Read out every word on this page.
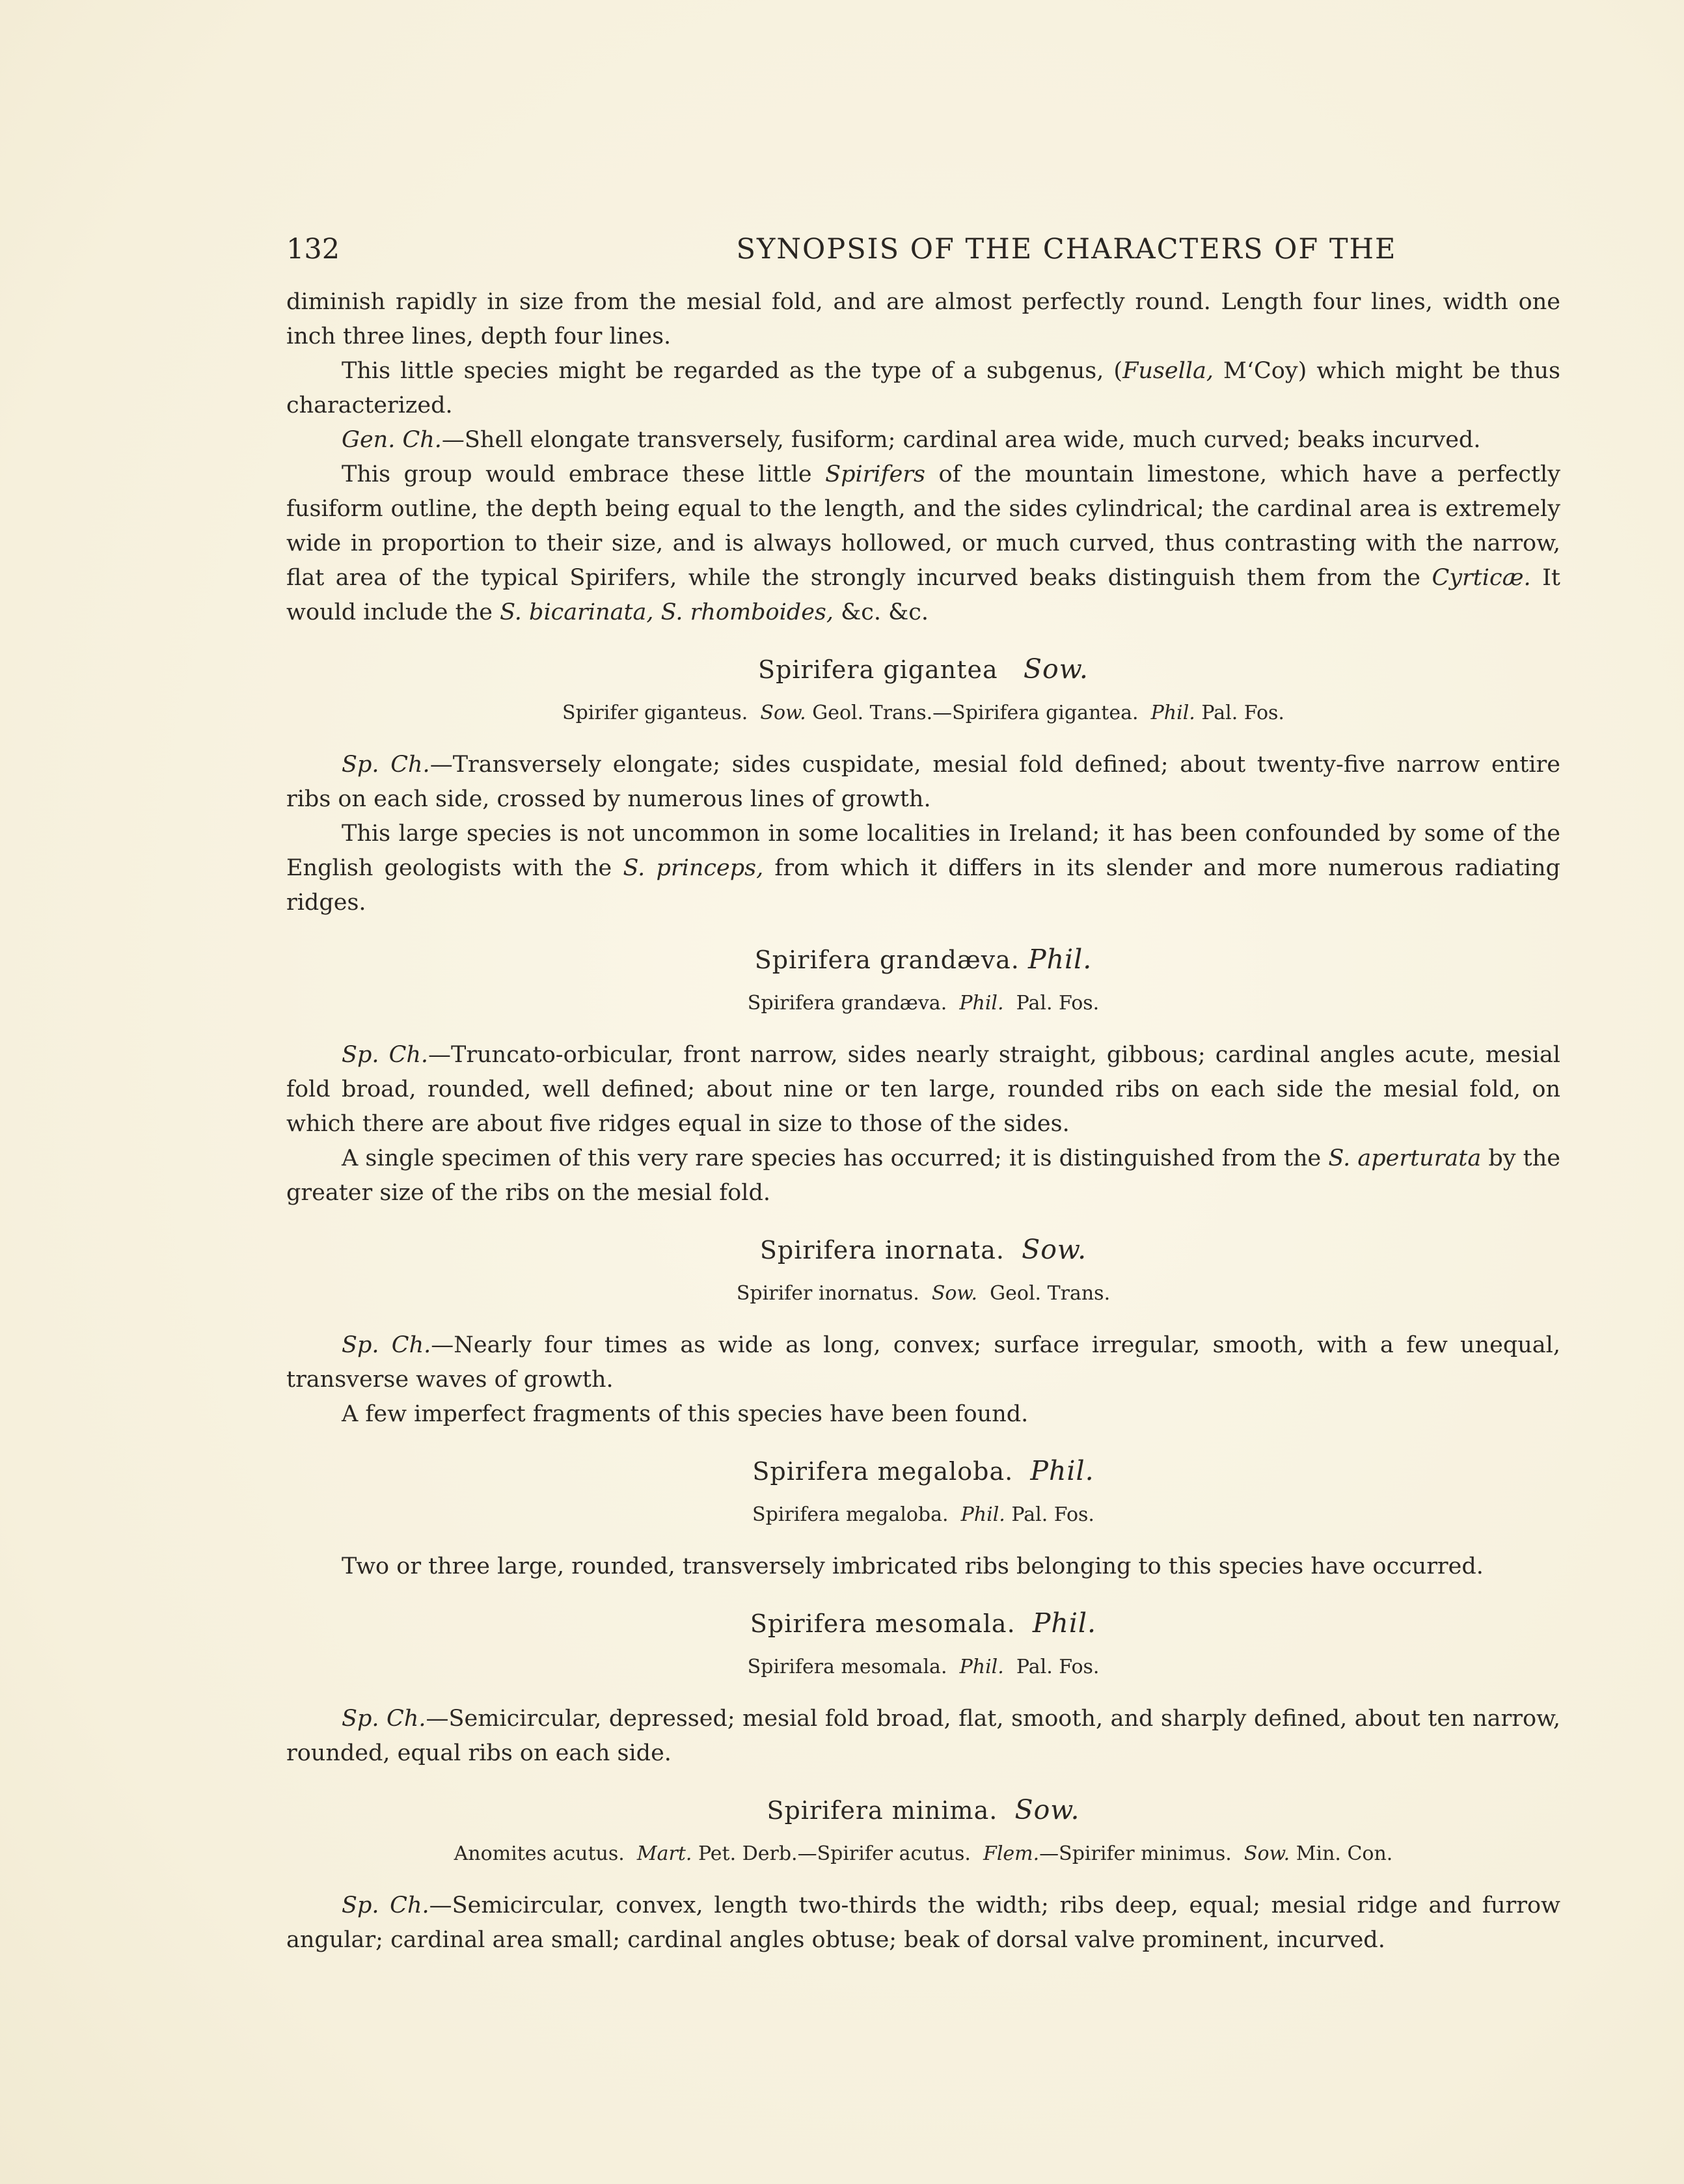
132	SYNOPSIS OF THE CHARACTERS OF THE

diminish rapidly in size from the mesial fold, and are almost perfectly round. Length four lines, width one inch three lines, depth four lines.

This little species might be regarded as the type of a subgenus, (Fusella, M‘Coy) which might be thus characterized.

Gen. Ch.—Shell elongate transversely, fusiform; cardinal area wide, much curved; beaks incurved.

This group would embrace these little Spirifers of the mountain limestone, which have a perfectly fusiform outline, the depth being equal to the length, and the sides cylindrical; the cardinal area is extremely wide in proportion to their size, and is always hollowed, or much curved, thus contrasting with the narrow, flat area of the typical Spirifers, while the strongly incurved beaks distinguish them from the Cyrticæ. It would include the S. bicarinata, S. rhomboides, &c. &c.

Spirifera gigantea Sow.
Spirifer giganteus. Sow. Geol. Trans.—Spirifera gigantea. Phil. Pal. Fos.

Sp. Ch.—Transversely elongate; sides cuspidate, mesial fold defined; about twenty-five narrow entire ribs on each side, crossed by numerous lines of growth.

This large species is not uncommon in some localities in Ireland; it has been confounded by some of the English geologists with the S. princeps, from which it differs in its slender and more numerous radiating ridges.

Spirifera grandæva. Phil.
Spirifera grandæva. Phil. Pal. Fos.

Sp. Ch.—Truncato-orbicular, front narrow, sides nearly straight, gibbous; cardinal angles acute, mesial fold broad, rounded, well defined; about nine or ten large, rounded ribs on each side the mesial fold, on which there are about five ridges equal in size to those of the sides.

A single specimen of this very rare species has occurred; it is distinguished from the S. aperturata by the greater size of the ribs on the mesial fold.

Spirifera inornata. Sow.
Spirifer inornatus. Sow. Geol. Trans.

Sp. Ch.—Nearly four times as wide as long, convex; surface irregular, smooth, with a few unequal, transverse waves of growth.

A few imperfect fragments of this species have been found.

Spirifera megaloba. Phil.
Spirifera megaloba. Phil. Pal. Fos.

Two or three large, rounded, transversely imbricated ribs belonging to this species have occurred.

Spirifera mesomala. Phil.
Spirifera mesomala. Phil. Pal. Fos.

Sp. Ch.—Semicircular, depressed; mesial fold broad, flat, smooth, and sharply defined, about ten narrow, rounded, equal ribs on each side.

Spirifera minima. Sow.
Anomites acutus. Mart. Pet. Derb.—Spirifer acutus. Flem.—Spirifer minimus. Sow. Min. Con.

Sp. Ch.—Semicircular, convex, length two-thirds the width; ribs deep, equal; mesial ridge and furrow angular; cardinal area small; cardinal angles obtuse; beak of dorsal valve prominent, incurved.
